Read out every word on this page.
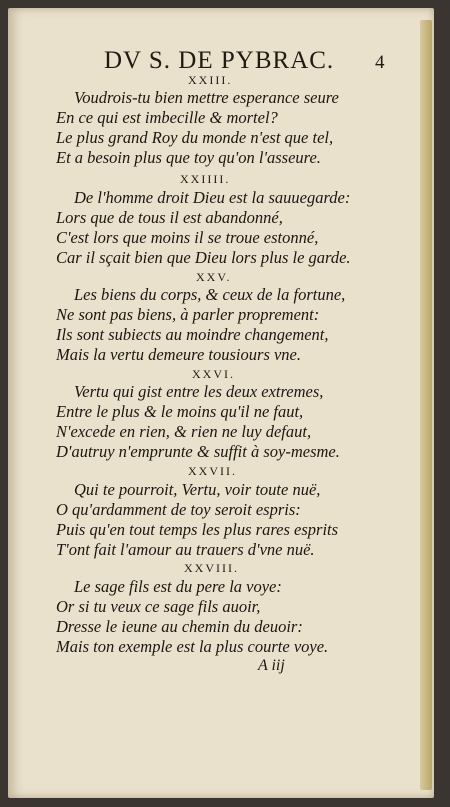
DV S. DE PYBRAC. 4
XXIII.
Voudrois-tu bien mettre esperance seure
En ce qui est imbecille & mortel?
Le plus grand Roy du monde n'est que tel,
Et a besoin plus que toy qu'on l'asseure.
XXIIII.
De l'homme droit Dieu est la sauuegarde:
Lors que de tous il est abandonné,
C'est lors que moins il se troue estonné,
Car il sçait bien que Dieu lors plus le garde.
XXV.
Les biens du corps, & ceux de la fortune,
Ne sont pas biens, à parler proprement:
Ils sont subiects au moindre changement,
Mais la vertu demeure tousiours vne.
XXVI.
Vertu qui gist entre les deux extremes,
Entre le plus & le moins qu'il ne faut,
N'excede en rien, & rien ne luy defaut,
D'autruy n'emprunte & suffit à soy-mesme.
XXVII.
Qui te pourroit, Vertu, voir toute nuë,
O qu'ardamment de toy seroit espris:
Puis qu'en tout temps les plus rares esprits
T'ont fait l'amour au trauers d'vne nuë.
XXVIII.
Le sage fils est du pere la voye:
Or si tu veux ce sage fils auoir,
Dresse le ieune au chemin du deuoir:
Mais ton exemple est la plus courte voye.
A iij
